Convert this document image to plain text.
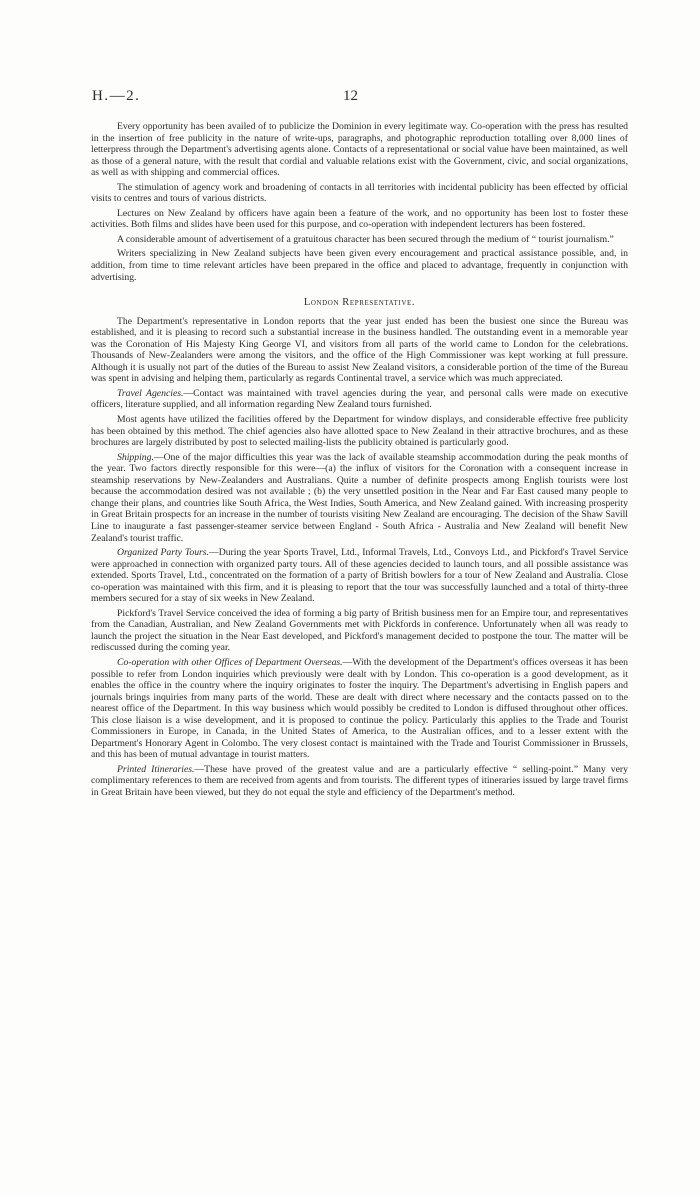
H.—2.	12

Every opportunity has been availed of to publicize the Dominion in every legitimate way. Co-operation with the press has resulted in the insertion of free publicity in the nature of write-ups, paragraphs, and photographic reproduction totalling over 8,000 lines of letterpress through the Department's advertising agents alone. Contacts of a representational or social value have been maintained, as well as those of a general nature, with the result that cordial and valuable relations exist with the Government, civic, and social organizations, as well as with shipping and commercial offices.

The stimulation of agency work and broadening of contacts in all territories with incidental publicity has been effected by official visits to centres and tours of various districts.

Lectures on New Zealand by officers have again been a feature of the work, and no opportunity has been lost to foster these activities. Both films and slides have been used for this purpose, and co-operation with independent lecturers has been fostered.

A considerable amount of advertisement of a gratuitous character has been secured through the medium of “ tourist journalism.”

Writers specializing in New Zealand subjects have been given every encouragement and practical assistance possible, and, in addition, from time to time relevant articles have been prepared in the office and placed to advantage, frequently in conjunction with advertising.

London Representative.

The Department's representative in London reports that the year just ended has been the busiest one since the Bureau was established, and it is pleasing to record such a substantial increase in the business handled. The outstanding event in a memorable year was the Coronation of His Majesty King George VI, and visitors from all parts of the world came to London for the celebrations. Thousands of New-Zealanders were among the visitors, and the office of the High Commissioner was kept working at full pressure. Although it is usually not part of the duties of the Bureau to assist New Zealand visitors, a considerable portion of the time of the Bureau was spent in advising and helping them, particularly as regards Continental travel, a service which was much appreciated.

Travel Agencies.—Contact was maintained with travel agencies during the year, and personal calls were made on executive officers, literature supplied, and all information regarding New Zealand tours furnished.

Most agents have utilized the facilities offered by the Department for window displays, and considerable effective free publicity has been obtained by this method. The chief agencies also have allotted space to New Zealand in their attractive brochures, and as these brochures are largely distributed by post to selected mailing-lists the publicity obtained is particularly good.

Shipping.—One of the major difficulties this year was the lack of available steamship accommodation during the peak months of the year. Two factors directly responsible for this were—(a) the influx of visitors for the Coronation with a consequent increase in steamship reservations by New-Zealanders and Australians. Quite a number of definite prospects among English tourists were lost because the accommodation desired was not available ; (b) the very unsettled position in the Near and Far East caused many people to change their plans, and countries like South Africa, the West Indies, South America, and New Zealand gained. With increasing prosperity in Great Britain prospects for an increase in the number of tourists visiting New Zealand are encouraging. The decision of the Shaw Savill Line to inaugurate a fast passenger-steamer service between England - South Africa - Australia and New Zealand will benefit New Zealand's tourist traffic.

Organized Party Tours.—During the year Sports Travel, Ltd., Informal Travels, Ltd., Convoys Ltd., and Pickford's Travel Service were approached in connection with organized party tours. All of these agencies decided to launch tours, and all possible assistance was extended. Sports Travel, Ltd., concentrated on the formation of a party of British bowlers for a tour of New Zealand and Australia. Close co-operation was maintained with this firm, and it is pleasing to report that the tour was successfully launched and a total of thirty-three members secured for a stay of six weeks in New Zealand.

Pickford's Travel Service conceived the idea of forming a big party of British business men for an Empire tour, and representatives from the Canadian, Australian, and New Zealand Governments met with Pickfords in conference. Unfortunately when all was ready to launch the project the situation in the Near East developed, and Pickford's management decided to postpone the tour. The matter will be rediscussed during the coming year.

Co-operation with other Offices of Department Overseas.—With the development of the Department's offices overseas it has been possible to refer from London inquiries which previously were dealt with by London. This co-operation is a good development, as it enables the office in the country where the inquiry originates to foster the inquiry. The Department's advertising in English papers and journals brings inquiries from many parts of the world. These are dealt with direct where necessary and the contacts passed on to the nearest office of the Department. In this way business which would possibly be credited to London is diffused throughout other offices. This close liaison is a wise development, and it is proposed to continue the policy. Particularly this applies to the Trade and Tourist Commissioners in Europe, in Canada, in the United States of America, to the Australian offices, and to a lesser extent with the Department's Honorary Agent in Colombo. The very closest contact is maintained with the Trade and Tourist Commissioner in Brussels, and this has been of mutual advantage in tourist matters.

Printed Itineraries.—These have proved of the greatest value and are a particularly effective “ selling-point.” Many very complimentary references to them are received from agents and from tourists. The different types of itineraries issued by large travel firms in Great Britain have been viewed, but they do not equal the style and efficiency of the Department's method.
